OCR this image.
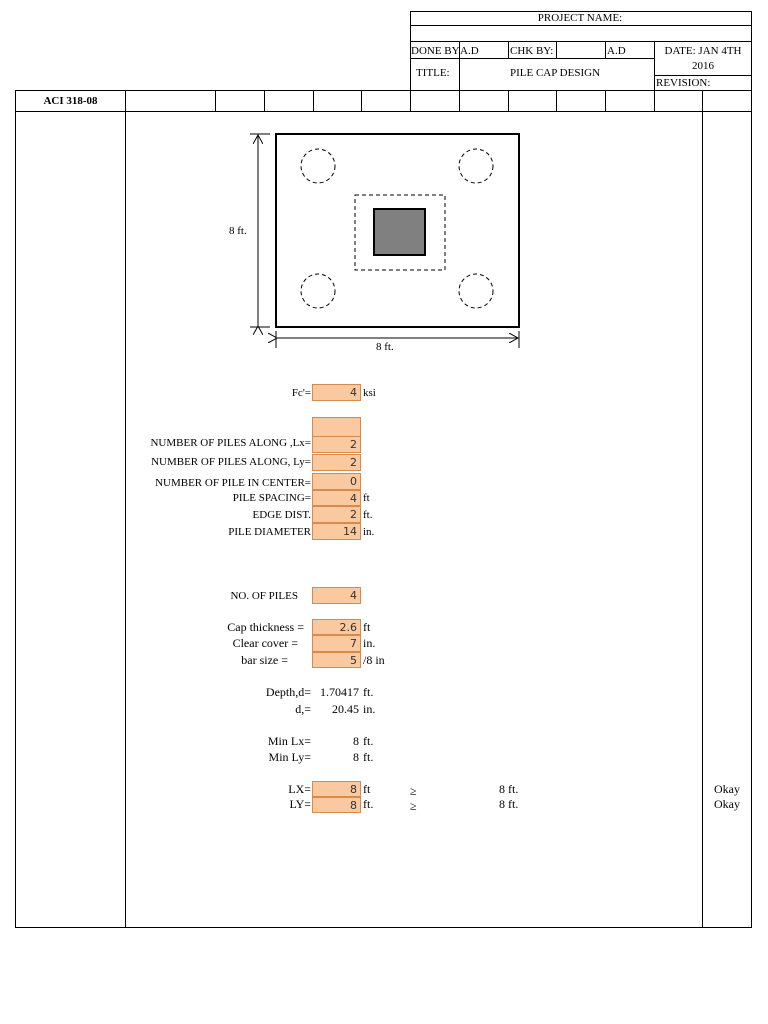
PROJECT NAME:
DONE BY A.D	CHK BY:	A.D	DATE: JAN 4TH
2016
TITLE:	PILE CAP DESIGN
REVISION:
ACI 318-08
8 ft.
8 ft.
Fc'=	4 ksi
NUMBER OF PILES ALONG ,Lx=	2
NUMBER OF PILES ALONG, Ly=	2
NUMBER OF PILE IN CENTER=	0
PILE SPACING=	4 ft
EDGE DIST.	2 ft.
PILE DIAMETER	14 in.
NO. OF PILES	4
Cap thickness =	2.6 ft
Clear cover =	7 in.
bar size =	5 /8 in
Depth,d= 1.70417 ft.
d,=	20.45 in.
Min Lx=	8 ft.
Min Ly=	8 ft.
LX=	8 ft	≥	8 ft.	Okay
LY=	8 ft.	≥	8 ft.	Okay
